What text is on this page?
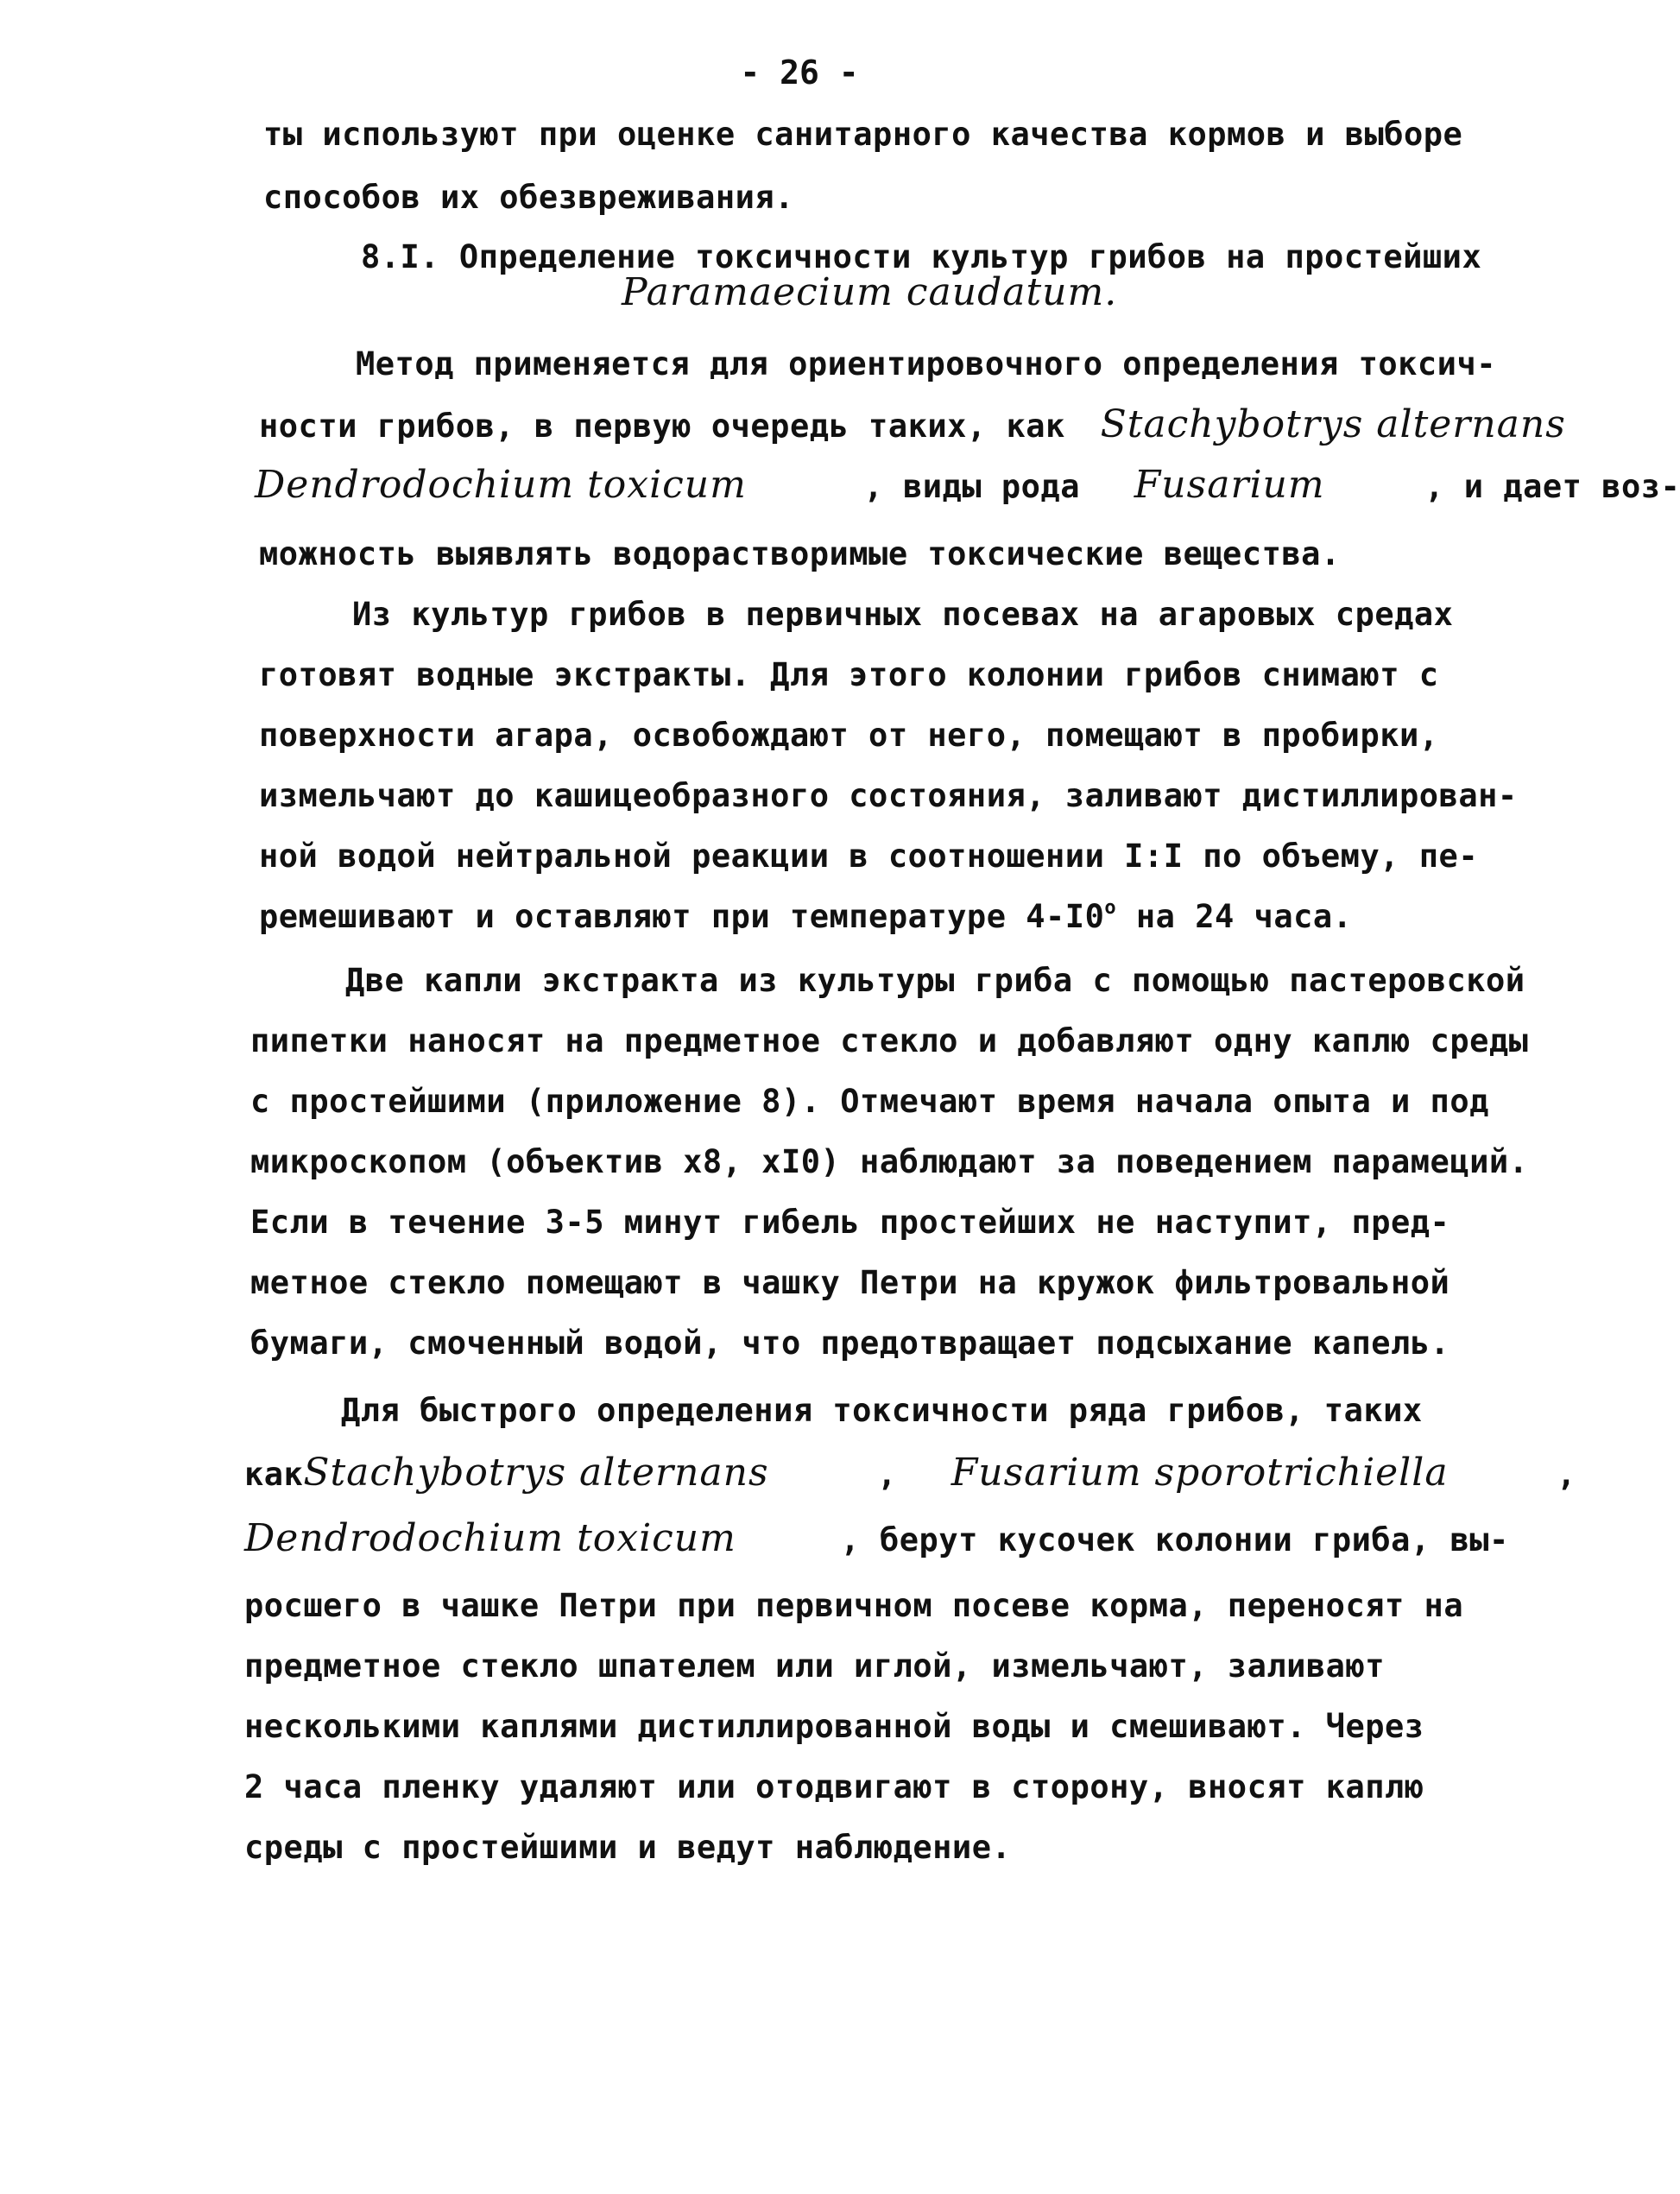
- 26 -
ты используют при оценке санитарного качества кормов и выборе
способов их обезвреживания.
8.I. Определение токсичности культур грибов на простейших
Paramaecium caudatum.
Метод применяется для ориентировочного определения токсич-
ности грибов, в первую очередь таких, как Stachybotrys alternans
Dendrodochium toxicum	, виды рода Fusarium	, и дает воз-
можность выявлять водорастворимые токсические вещества.
Из культур грибов в первичных посевах на агаровых средах
готовят водные экстракты. Для этого колонии грибов снимают с
поверхности агара, освобождают от него, помещают в пробирки,
измельчают до кашицеобразного состояния, заливают дистиллирован-
ной водой нейтральной реакции в соотношении I:I по объему, пе-
ремешивают и оставляют при температуре $4-I0^о$ на 24 часа.
Две капли экстракта из культуры гриба с помощью пастеровской
пипетки наносят на предметное стекло и добавляют одну каплю среды
с простейшими (приложение 8). Отмечают время начала опыта и под
микроскопом (объектив х8, хI0) наблюдают за поведением парамеций.
Если в течение 3-5 минут гибель простейших не наступит, пред-
метное стекло помещают в чашку Петри на кружок фильтровальной
бумаги, смоченный водой, что предотвращает подсыхание капель.
Для быстрого определения токсичности ряда грибов, таких
какStachybotrys alternans	, Fusarium sporotrichiella	,
Dendrodochium toxicum	, берут кусочек колонии гриба, вы-
росшего в чашке Петри при первичном посеве корма, переносят на
предметное стекло шпателем или иглой, измельчают, заливают
несколькими каплями дистиллированной воды и смешивают. Через
2 часа пленку удаляют или отодвигают в сторону, вносят каплю
среды с простейшими и ведут наблюдение.
